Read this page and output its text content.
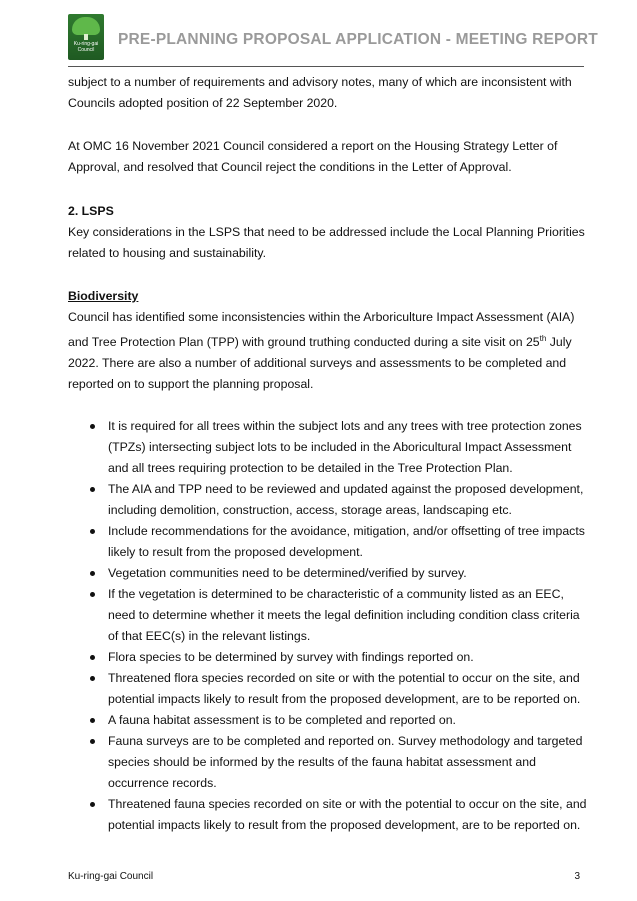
Ku-ring-gai
Council
PRE-PLANNING PROPOSAL APPLICATION - MEETING REPORT

subject to a number of requirements and advisory notes, many of which are inconsistent with Councils adopted position of 22 September 2020.

At OMC 16 November 2021 Council considered a report on the Housing Strategy Letter of Approval, and resolved that Council reject the conditions in the Letter of Approval.

2. LSPS

Key considerations in the LSPS that need to be addressed include the Local Planning Priorities related to housing and sustainability.

Biodiversity

Council has identified some inconsistencies within the Arboriculture Impact Assessment (AIA) and Tree Protection Plan (TPP) with ground truthing conducted during a site visit on 25th July 2022. There are also a number of additional surveys and assessments to be completed and reported on to support the planning proposal.

It is required for all trees within the subject lots and any trees with tree protection zones (TPZs) intersecting subject lots to be included in the Aboricultural Impact Assessment and all trees requiring protection to be detailed in the Tree Protection Plan.
The AIA and TPP need to be reviewed and updated against the proposed development, including demolition, construction, access, storage areas, landscaping etc.
Include recommendations for the avoidance, mitigation, and/or offsetting of tree impacts likely to result from the proposed development.
Vegetation communities need to be determined/verified by survey.
If the vegetation is determined to be characteristic of a community listed as an EEC, need to determine whether it meets the legal definition including condition class criteria of that EEC(s) in the relevant listings.
Flora species to be determined by survey with findings reported on.
Threatened flora species recorded on site or with the potential to occur on the site, and potential impacts likely to result from the proposed development, are to be reported on.
A fauna habitat assessment is to be completed and reported on.
Fauna surveys are to be completed and reported on. Survey methodology and targeted species should be informed by the results of the fauna habitat assessment and occurrence records.
Threatened fauna species recorded on site or with the potential to occur on the site, and potential impacts likely to result from the proposed development, are to be reported on.
Ku-ring-gai Council	3
